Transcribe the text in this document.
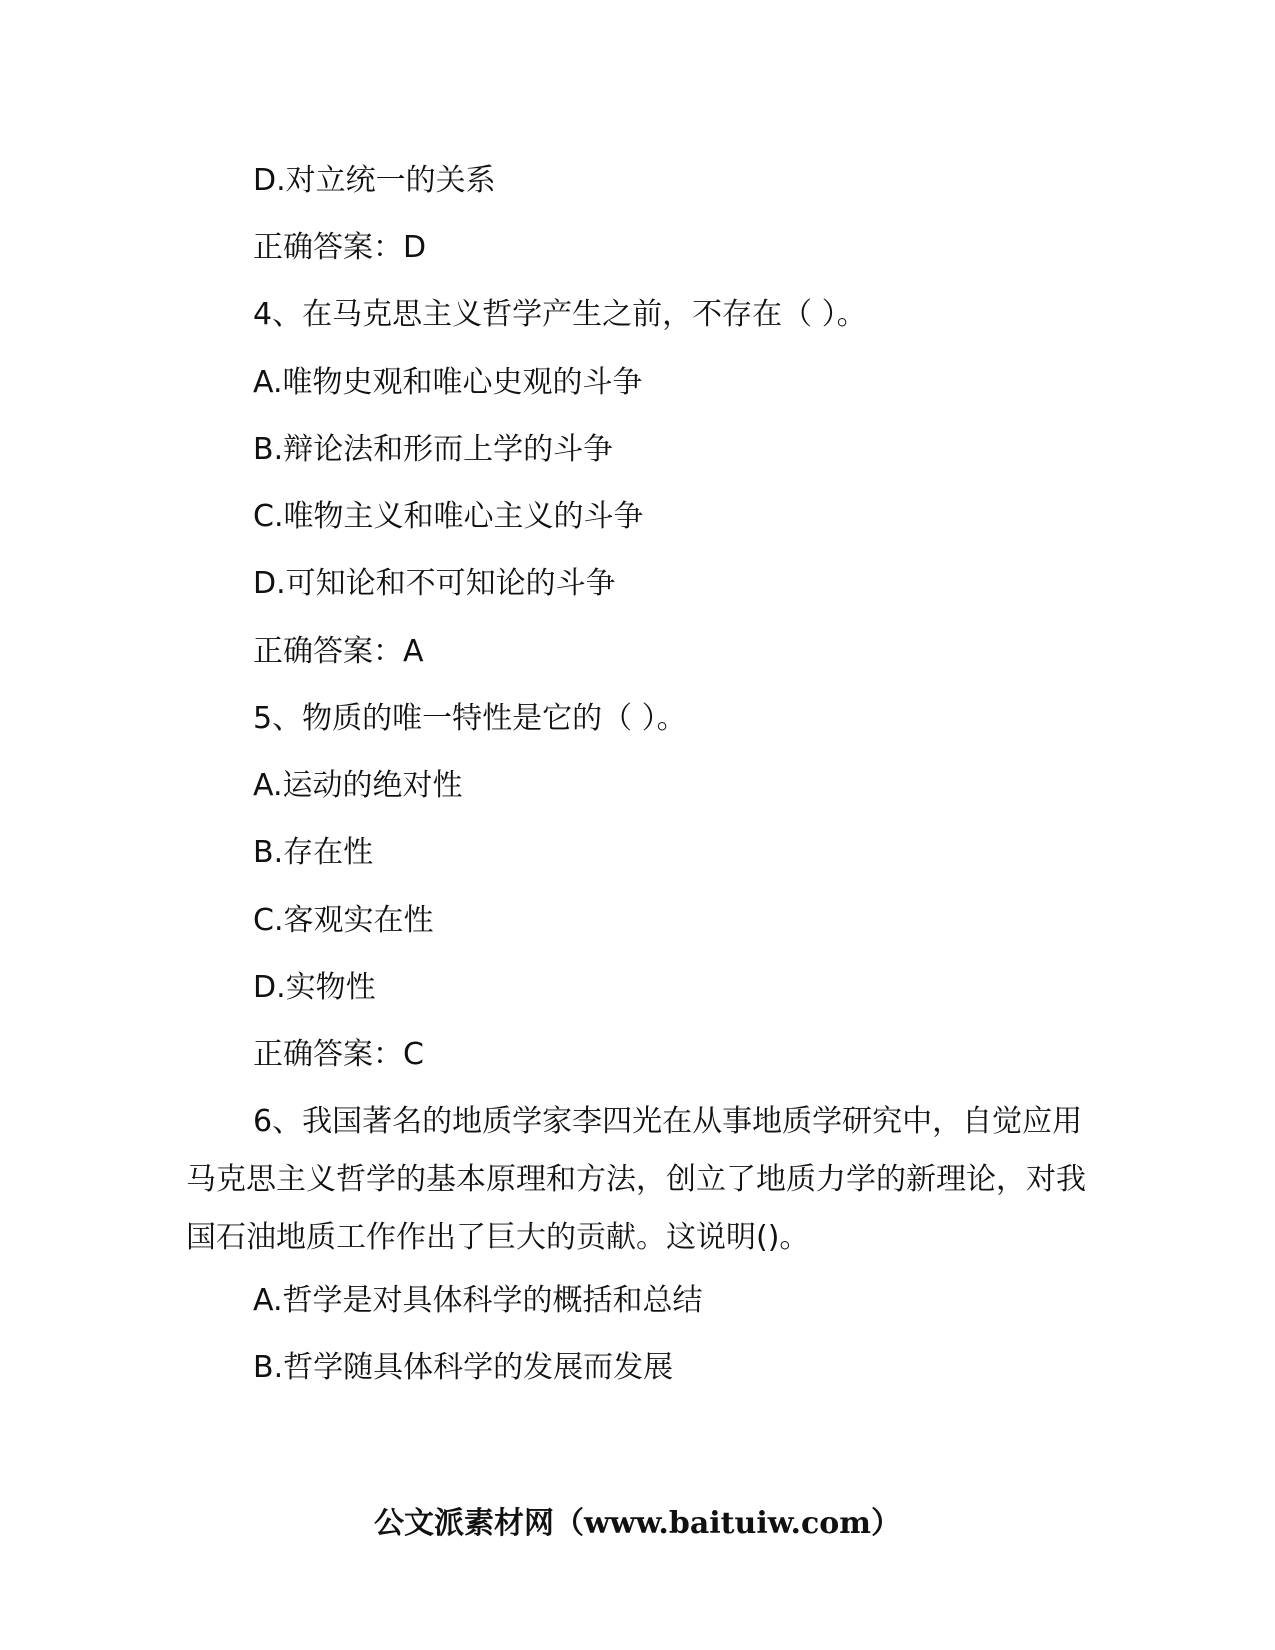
D.对立统一的关系
正确答案：D
4、在马克思主义哲学产生之前，不存在（ ）。
A.唯物史观和唯心史观的斗争
B.辩论法和形而上学的斗争
C.唯物主义和唯心主义的斗争
D.可知论和不可知论的斗争
正确答案：A
5、物质的唯一特性是它的（ ）。
A.运动的绝对性
B.存在性
C.客观实在性
D.实物性
正确答案：C
6、我国著名的地质学家李四光在从事地质学研究中，自觉应用马克思主义哲学的基本原理和方法，创立了地质力学的新理论，对我国石油地质工作作出了巨大的贡献。这说明()。
A.哲学是对具体科学的概括和总结
B.哲学随具体科学的发展而发展
公文派素材网（www.baituiw.com）
